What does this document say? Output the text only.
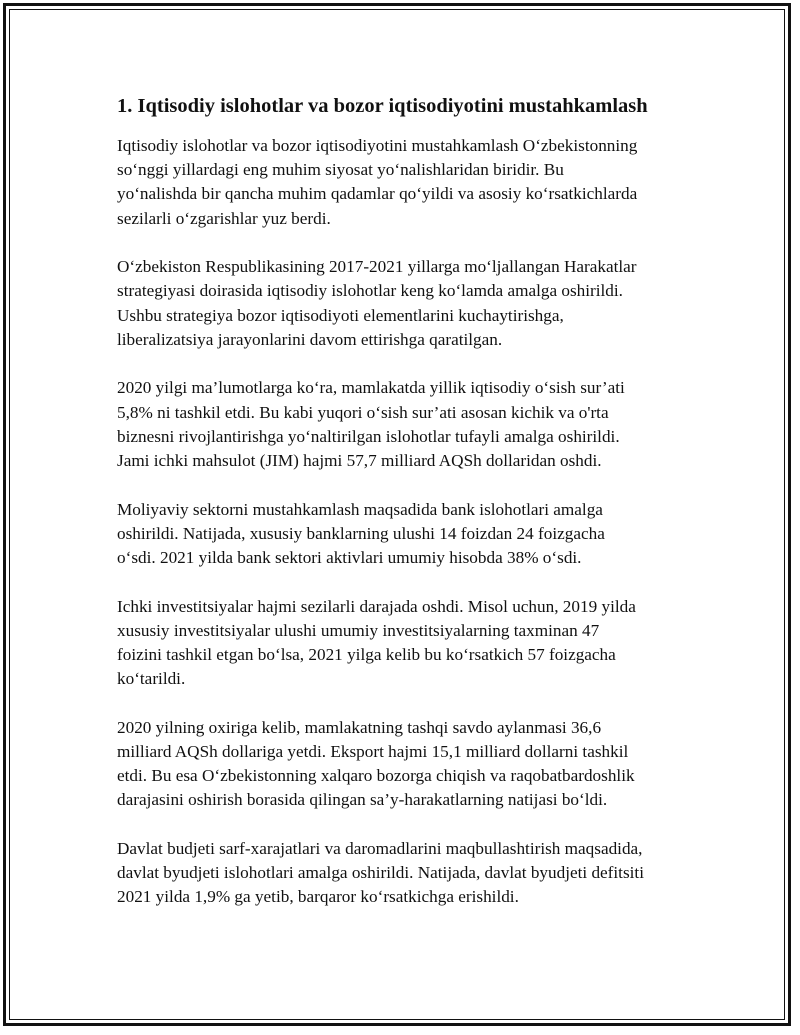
1. Iqtisodiy islohotlar va bozor iqtisodiyotini mustahkamlash

Iqtisodiy islohotlar va bozor iqtisodiyotini mustahkamlash O‘zbekistonning
so‘nggi yillardagi eng muhim siyosat yo‘nalishlaridan biridir. Bu
yo‘nalishda bir qancha muhim qadamlar qo‘yildi va asosiy ko‘rsatkichlarda
sezilarli o‘zgarishlar yuz berdi.

O‘zbekiston Respublikasining 2017-2021 yillarga mo‘ljallangan Harakatlar
strategiyasi doirasida iqtisodiy islohotlar keng ko‘lamda amalga oshirildi.
Ushbu strategiya bozor iqtisodiyoti elementlarini kuchaytirishga,
liberalizatsiya jarayonlarini davom ettirishga qaratilgan.

2020 yilgi ma’lumotlarga ko‘ra, mamlakatda yillik iqtisodiy o‘sish sur’ati
5,8% ni tashkil etdi. Bu kabi yuqori o‘sish sur’ati asosan kichik va o'rta
biznesni rivojlantirishga yo‘naltirilgan islohotlar tufayli amalga oshirildi.
Jami ichki mahsulot (JIM) hajmi 57,7 milliard AQSh dollaridan oshdi.

Moliyaviy sektorni mustahkamlash maqsadida bank islohotlari amalga
oshirildi. Natijada, xususiy banklarning ulushi 14 foizdan 24 foizgacha
o‘sdi. 2021 yilda bank sektori aktivlari umumiy hisobda 38% o‘sdi.

Ichki investitsiyalar hajmi sezilarli darajada oshdi. Misol uchun, 2019 yilda
xususiy investitsiyalar ulushi umumiy investitsiyalarning taxminan 47
foizini tashkil etgan bo‘lsa, 2021 yilga kelib bu ko‘rsatkich 57 foizgacha
ko‘tarildi.

2020 yilning oxiriga kelib, mamlakatning tashqi savdo aylanmasi 36,6
milliard AQSh dollariga yetdi. Eksport hajmi 15,1 milliard dollarni tashkil
etdi. Bu esa O‘zbekistonning xalqaro bozorga chiqish va raqobatbardoshlik
darajasini oshirish borasida qilingan sa’y-harakatlarning natijasi bo‘ldi.

Davlat budjeti sarf-xarajatlari va daromadlarini maqbullashtirish maqsadida,
davlat byudjeti islohotlari amalga oshirildi. Natijada, davlat byudjeti defitsiti
2021 yilda 1,9% ga yetib, barqaror ko‘rsatkichga erishildi.
